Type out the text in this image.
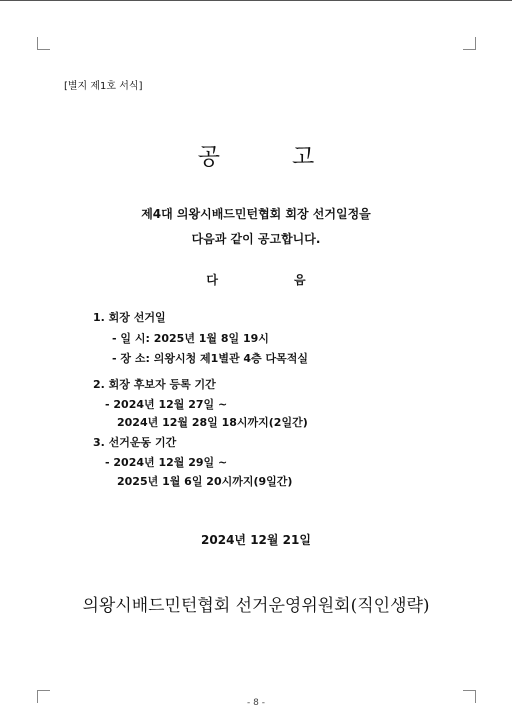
[별지 제1호 서식]
공	고
제4대 의왕시배드민턴협회 회장 선거일정을
다음과 같이 공고합니다.
다	음
1. 회장 선거일
- 일 시: 2025년 1월 8일 19시
- 장 소: 의왕시청 제1별관 4층 다목적실
2. 회장 후보자 등록 기간
- 2024년 12월 27일 ~
2024년 12월 28일 18시까지(2일간)
3. 선거운동 기간
- 2024년 12월 29일 ~
2025년 1월 6일 20시까지(9일간)
2024년 12월 21일
의왕시배드민턴협회 선거운영위원회(직인생략)
- 8 -
